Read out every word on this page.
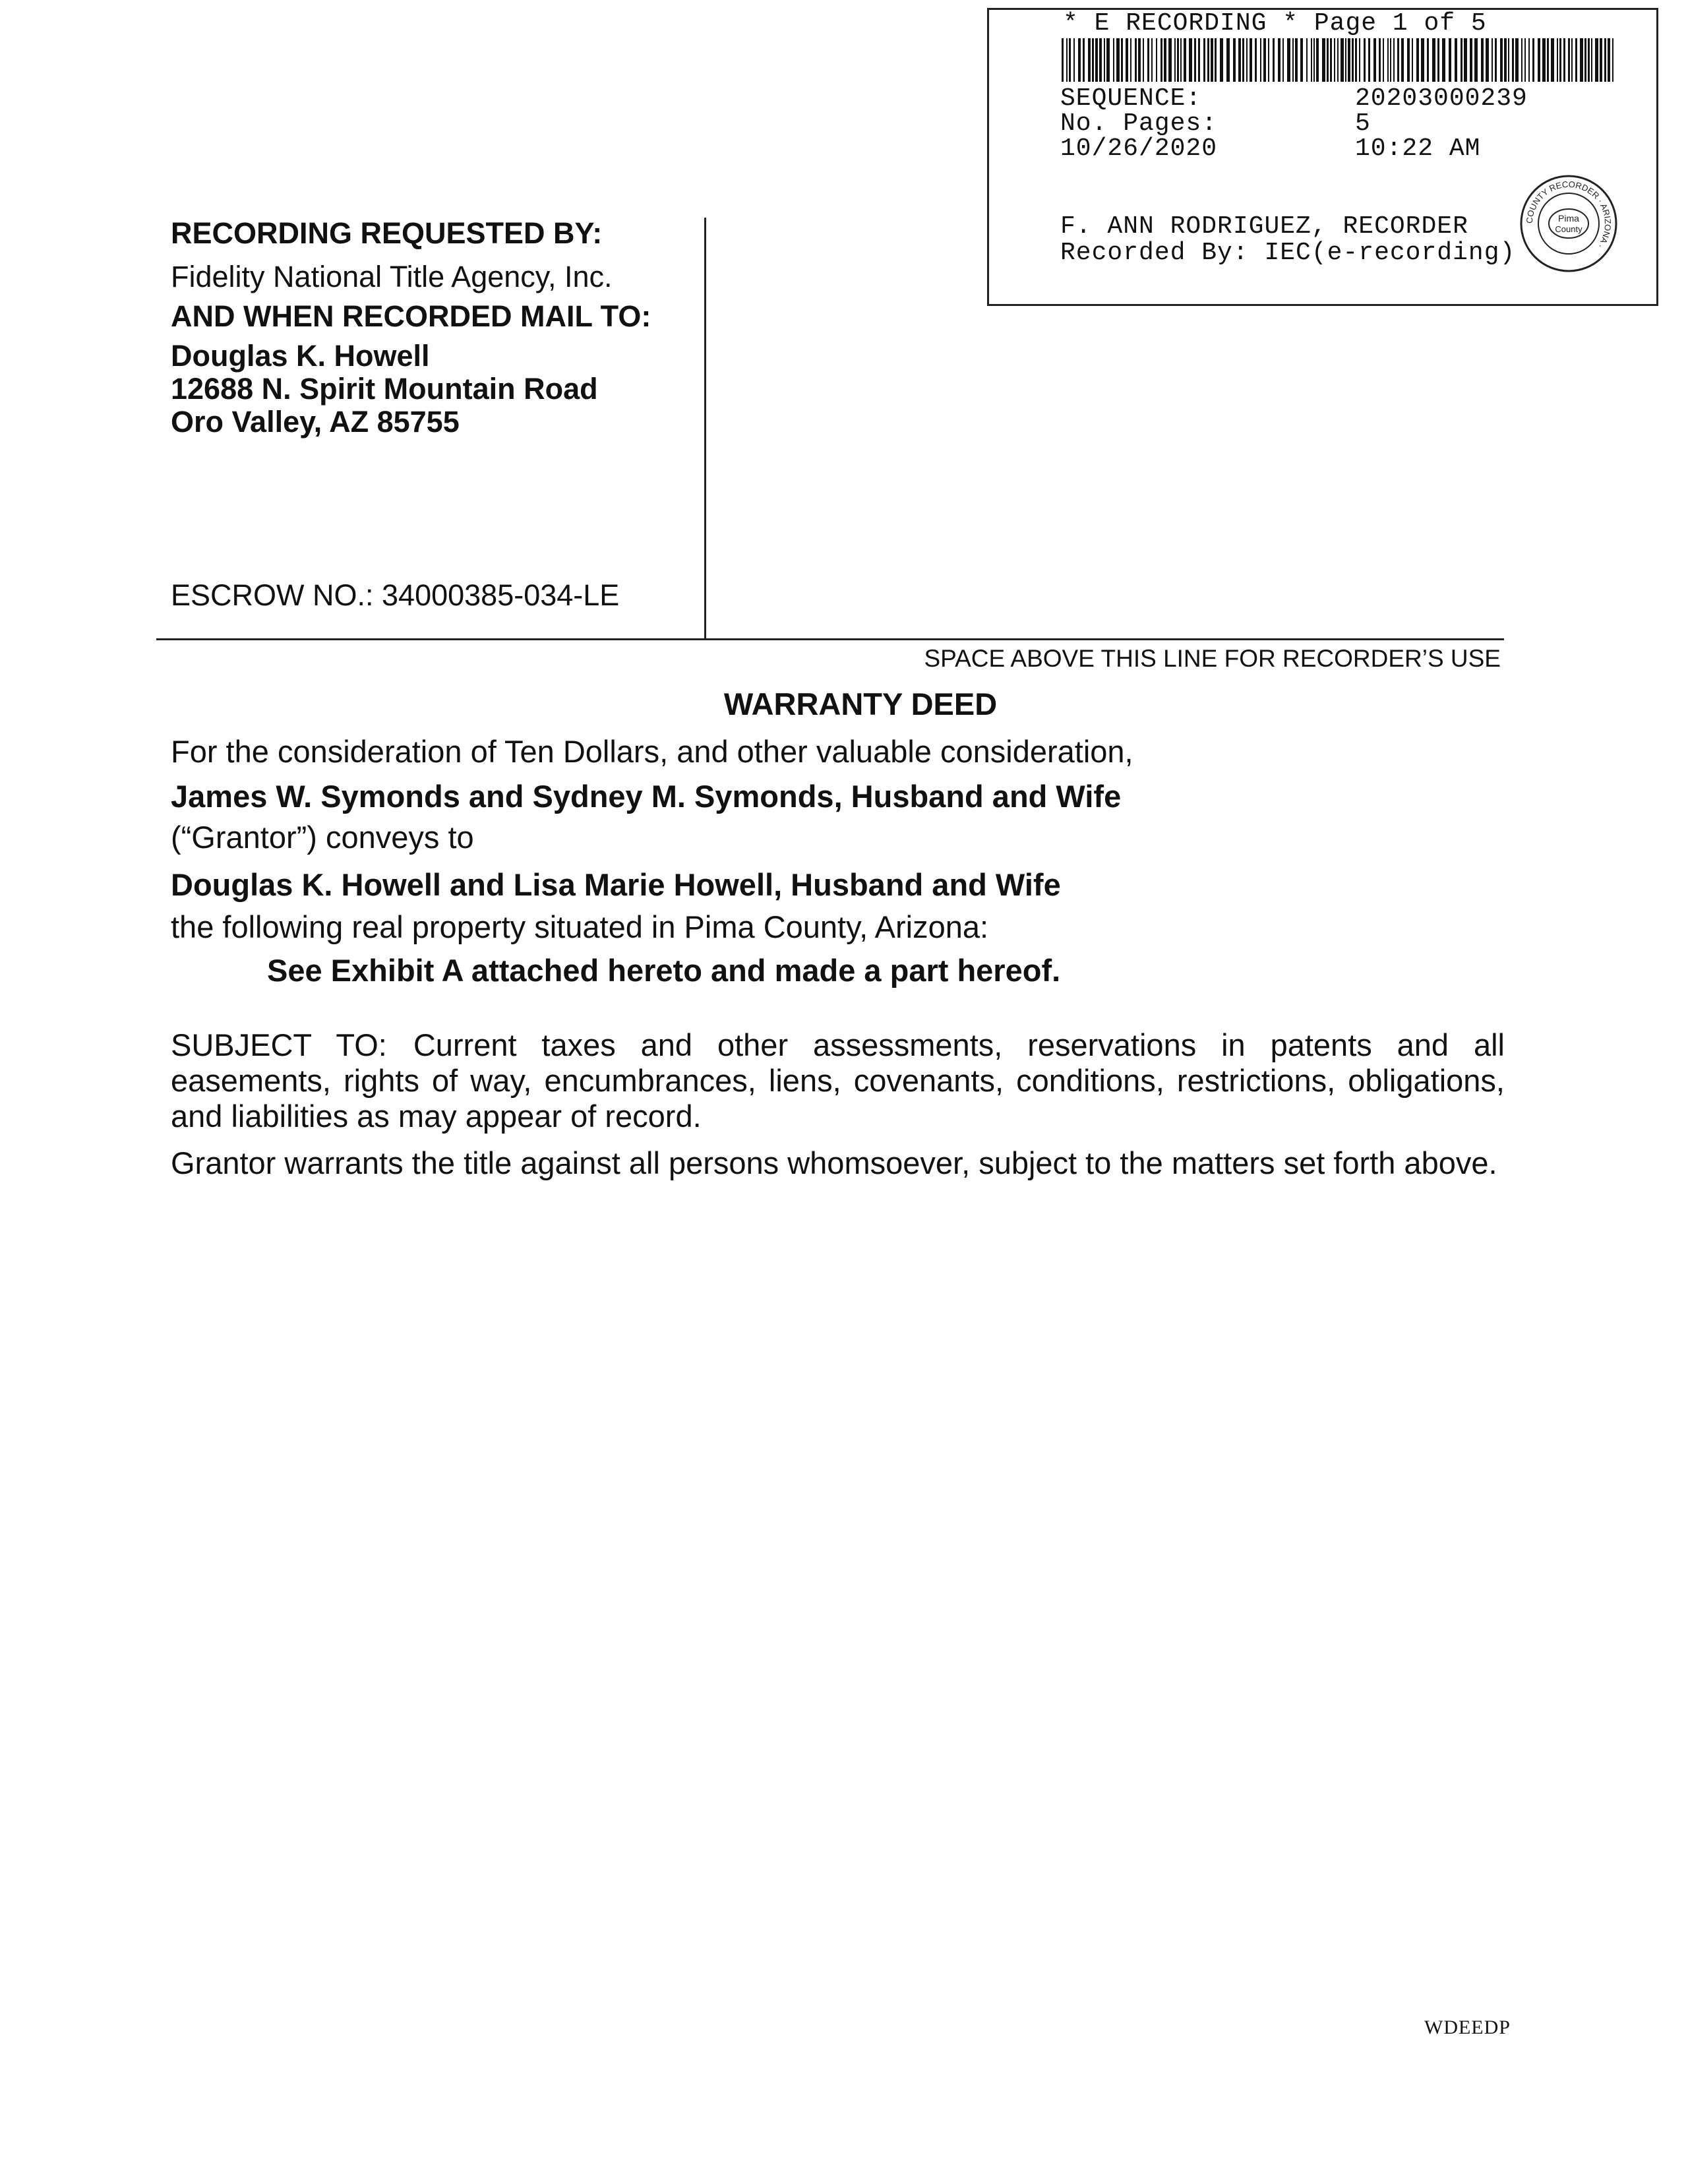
* E RECORDING * Page 1 of 5
SEQUENCE:	20203000239
No. Pages:	5
10/26/2020	10:22 AM
F. ANN RODRIGUEZ, RECORDER
Recorded By: IEC(e-recording)
COUNTY RECORDER · ARIZONA ·
Pima
County
RECORDING REQUESTED BY:
Fidelity National Title Agency, Inc.
AND WHEN RECORDED MAIL TO:
Douglas K. Howell
12688 N. Spirit Mountain Road
Oro Valley, AZ 85755
ESCROW NO.: 34000385-034-LE
SPACE ABOVE THIS LINE FOR RECORDER’S USE
WARRANTY DEED
For the consideration of Ten Dollars, and other valuable consideration,
James W. Symonds and Sydney M. Symonds, Husband and Wife
(“Grantor”) conveys to
Douglas K. Howell and Lisa Marie Howell, Husband and Wife
the following real property situated in Pima County, Arizona:
See Exhibit A attached hereto and made a part hereof.
SUBJECT TO: Current taxes and other assessments, reservations in patents and all easements, rights of way, encumbrances, liens, covenants, conditions, restrictions, obligations, and liabilities as may appear of record.
Grantor warrants the title against all persons whomsoever, subject to the matters set forth above.
WDEEDP
